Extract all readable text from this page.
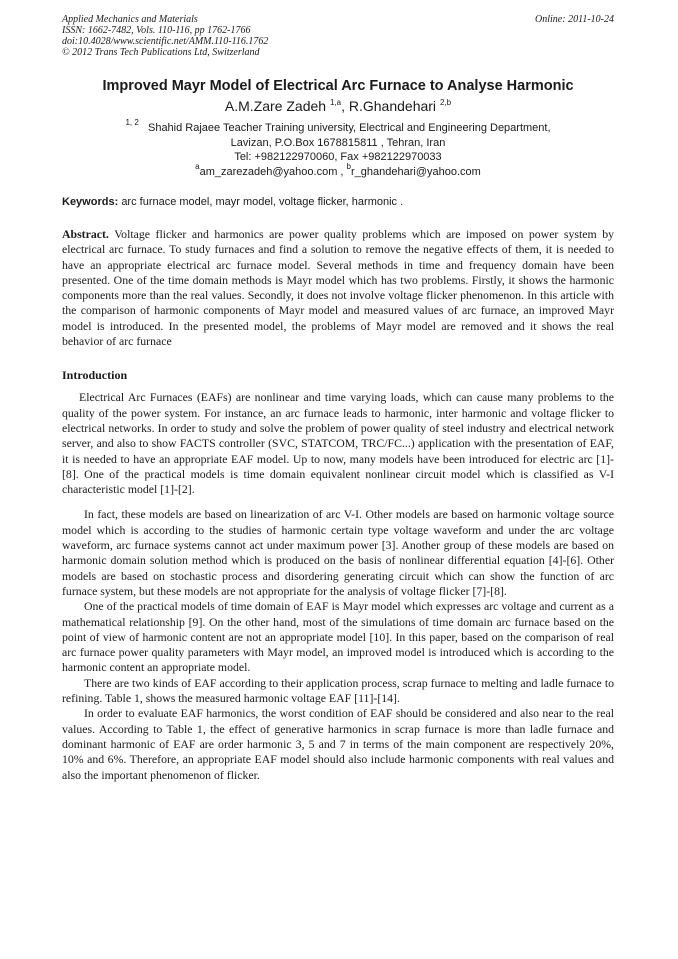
Applied Mechanics and Materials
ISSN: 1662-7482, Vols. 110-116, pp 1762-1766
doi:10.4028/www.scientific.net/AMM.110-116.1762
© 2012 Trans Tech Publications Ltd, Switzerland
Online: 2011-10-24
Improved Mayr Model of Electrical Arc Furnace to Analyse Harmonic
A.M.Zare Zadeh $^{1,a}$, R.Ghandehari $^{2,b}$
$^{1, 2}$ Shahid Rajaee Teacher Training university, Electrical and Engineering Department,
Lavizan, P.O.Box 1678815811 , Tehran, Iran
Tel: +982122970060, Fax +982122970033
$^a$am_zarezadeh@yahoo.com , $^b$r_ghandehari@yahoo.com
Keywords: arc furnace model, mayr model, voltage flicker, harmonic .

Abstract. Voltage flicker and harmonics are power quality problems which are imposed on power system by electrical arc furnace. To study furnaces and find a solution to remove the negative effects of them, it is needed to have an appropriate electrical arc furnace model. Several methods in time and frequency domain have been presented. One of the time domain methods is Mayr model which has two problems. Firstly, it shows the harmonic components more than the real values. Secondly, it does not involve voltage flicker phenomenon. In this article with the comparison of harmonic components of Mayr model and measured values of arc furnace, an improved Mayr model is introduced. In the presented model, the problems of Mayr model are removed and it shows the real behavior of arc furnace

Introduction

Electrical Arc Furnaces (EAFs) are nonlinear and time varying loads, which can cause many problems to the quality of the power system. For instance, an arc furnace leads to harmonic, inter harmonic and voltage flicker to electrical networks. In order to study and solve the problem of power quality of steel industry and electrical network server, and also to show FACTS controller (SVC, STATCOM, TRC/FC...) application with the presentation of EAF, it is needed to have an appropriate EAF model. Up to now, many models have been introduced for electric arc [1]-[8]. One of the practical models is time domain equivalent nonlinear circuit model which is classified as V-I characteristic model [1]-[2].

In fact, these models are based on linearization of arc V-I. Other models are based on harmonic voltage source model which is according to the studies of harmonic certain type voltage waveform and under the arc voltage waveform, arc furnace systems cannot act under maximum power [3]. Another group of these models are based on harmonic domain solution method which is produced on the basis of nonlinear differential equation [4]-[6]. Other models are based on stochastic process and disordering generating circuit which can show the function of arc furnace system, but these models are not appropriate for the analysis of voltage flicker [7]-[8].

One of the practical models of time domain of EAF is Mayr model which expresses arc voltage and current as a mathematical relationship [9]. On the other hand, most of the simulations of time domain arc furnace based on the point of view of harmonic content are not an appropriate model [10]. In this paper, based on the comparison of real arc furnace power quality parameters with Mayr model, an improved model is introduced which is according to the harmonic content an appropriate model.

There are two kinds of EAF according to their application process, scrap furnace to melting and ladle furnace to refining. Table 1, shows the measured harmonic voltage EAF [11]-[14].

In order to evaluate EAF harmonics, the worst condition of EAF should be considered and also near to the real values. According to Table 1, the effect of generative harmonics in scrap furnace is more than ladle furnace and dominant harmonic of EAF are order harmonic 3, 5 and 7 in terms of the main component are respectively 20%, 10% and 6%. Therefore, an appropriate EAF model should also include harmonic components with real values and also the important phenomenon of flicker.
